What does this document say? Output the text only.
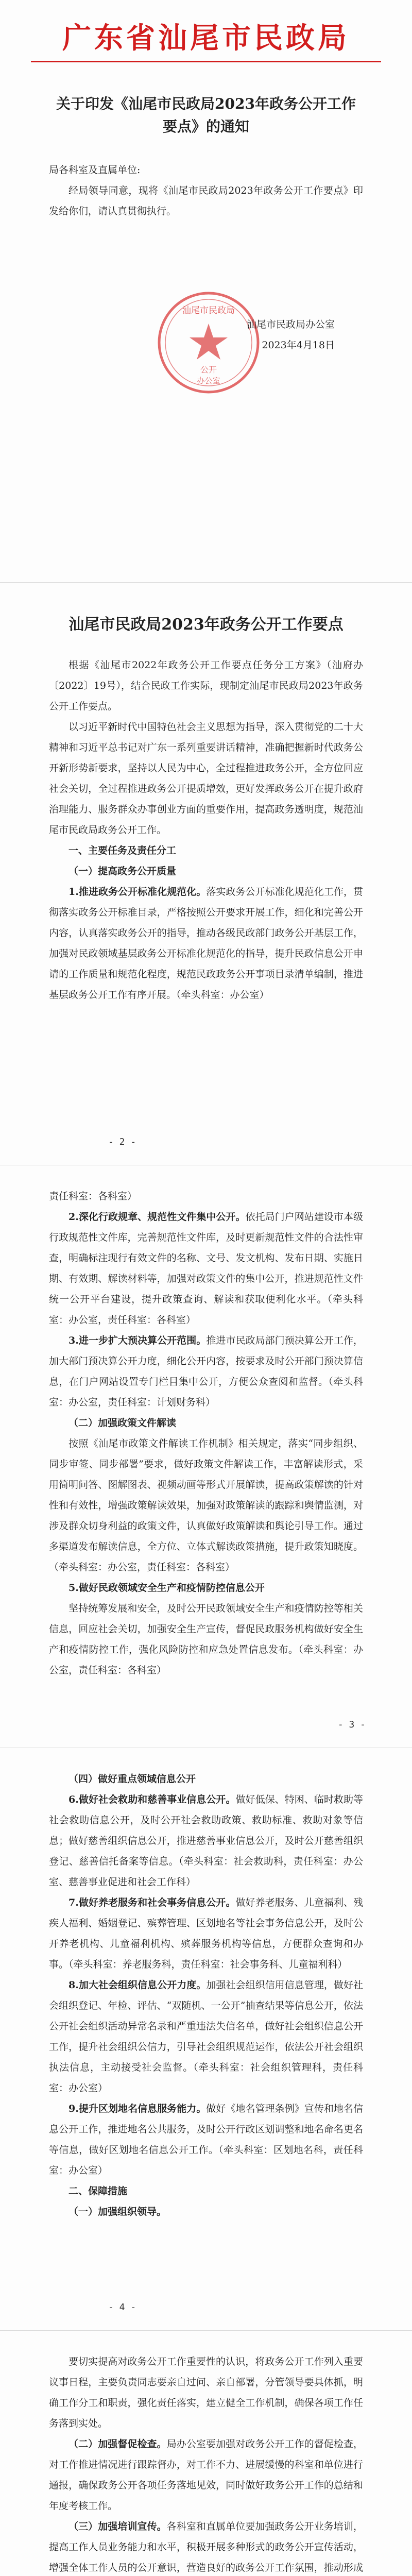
广东省汕尾市民政局
关于印发《汕尾市民政局2023年政务公开工作要点》的通知

局各科室及直属单位:

经局领导同意，现将《汕尾市民政局2023年政务公开工作要点》印发给你们，请认真贯彻执行。

汕尾市民政局
公开
办公室
汕尾市民政局办公室
2023年4月18日
汕尾市民政局2023年政务公开工作要点

根据《汕尾市2022年政务公开工作要点任务分工方案》（汕府办〔2022〕19号），结合民政工作实际，现制定汕尾市民政局2023年政务公开工作要点。

以习近平新时代中国特色社会主义思想为指导，深入贯彻党的二十大精神和习近平总书记对广东一系列重要讲话精神，准确把握新时代政务公开新形势新要求，坚持以人民为中心，全过程推进政务公开，全方位回应社会关切，全过程推进政务公开提质增效，更好发挥政务公开在提升政府治理能力、服务群众办事创业方面的重要作用，提高政务透明度，规范汕尾市民政局政务公开工作。

一、主要任务及责任分工

（一）提高政务公开质量

1.推进政务公开标准化规范化。落实政务公开标准化规范化工作，贯彻落实政务公开标准目录，严格按照公开要求开展工作，细化和完善公开内容，认真落实政务公开的指导，推动各级民政部门政务公开基层工作，加强对民政领域基层政务公开标准化规范化的指导，提升民政信息公开申请的工作质量和规范化程度，规范民政政务公开事项目录清单编制，推进基层政务公开工作有序开展。（牵头科室：办公室）

- 2 -

责任科室：各科室）

2.深化行政规章、规范性文件集中公开。依托局门户网站建设市本级行政规范性文件库，完善规范性文件库，及时更新规范性文件的合法性审查，明确标注现行有效文件的名称、文号、发文机构、发布日期、实施日期、有效期、解读材料等，加强对政策文件的集中公开，推进规范性文件统一公开平台建设，提升政策查询、解读和获取便利化水平。（牵头科室：办公室，责任科室：各科室）

3.进一步扩大预决算公开范围。推进市民政局部门预决算公开工作，加大部门预决算公开力度，细化公开内容，按要求及时公开部门预决算信息，在门户网站设置专门栏目集中公开，方便公众查阅和监督。（牵头科室：办公室，责任科室：计划财务科）

（二）加强政策文件解读

按照《汕尾市政策文件解读工作机制》相关规定，落实“同步组织、同步审签、同步部署”要求，做好政策文件解读工作，丰富解读形式，采用简明问答、图解图表、视频动画等形式开展解读，提高政策解读的针对性和有效性，增强政策解读效果，加强对政策解读的跟踪和舆情监测，对涉及群众切身利益的政策文件，认真做好政策解读和舆论引导工作。通过多渠道发布解读信息，全方位、立体式解读政策措施，提升政策知晓度。（牵头科室：办公室，责任科室：各科室）

5.做好民政领域安全生产和疫情防控信息公开

坚持统筹发展和安全，及时公开民政领域安全生产和疫情防控等相关信息，回应社会关切，加强安全生产宣传，督促民政服务机构做好安全生产和疫情防控工作，强化风险防控和应急处置信息发布。（牵头科室：办公室，责任科室：各科室）

- 3 -

（四）做好重点领域信息公开

6.做好社会救助和慈善事业信息公开。做好低保、特困、临时救助等社会救助信息公开，及时公开社会救助政策、救助标准、救助对象等信息；做好慈善组织信息公开，推进慈善事业信息公开，及时公开慈善组织登记、慈善信托备案等信息。（牵头科室：社会救助科，责任科室：办公室、慈善事业促进和社会工作科）

7.做好养老服务和社会事务信息公开。做好养老服务、儿童福利、残疾人福利、婚姻登记、殡葬管理、区划地名等社会事务信息公开，及时公开养老机构、儿童福利机构、殡葬服务机构等信息，方便群众查询和办事。（牵头科室：养老服务科，责任科室：社会事务科、儿童福利科）

8.加大社会组织信息公开力度。加强社会组织信用信息管理，做好社会组织登记、年检、评估、“双随机、一公开”抽查结果等信息公开，依法公开社会组织活动异常名录和严重违法失信名单，做好社会组织信息公开工作，提升社会组织公信力，引导社会组织规范运作，依法公开社会组织执法信息，主动接受社会监督。（牵头科室：社会组织管理科，责任科室：办公室）

9.提升区划地名信息服务能力。做好《地名管理条例》宣传和地名信息公开工作，推进地名公共服务，及时公开行政区划调整和地名命名更名等信息，做好区划地名信息公开工作。（牵头科室：区划地名科，责任科室：办公室）

二、保障措施

（一）加强组织领导。

- 4 -

要切实提高对政务公开工作重要性的认识，将政务公开工作列入重要议事日程，主要负责同志要亲自过问、亲自部署，分管领导要具体抓，明确工作分工和职责，强化责任落实，建立健全工作机制，确保各项工作任务落到实处。

（二）加强督促检查。局办公室要加强对政务公开工作的督促检查，对工作推进情况进行跟踪督办，对工作不力、进展缓慢的科室和单位进行通报，确保政务公开各项任务落地见效，同时做好政务公开工作的总结和年度考核工作。

（三）加强培训宣传。各科室和直属单位要加强政务公开业务培训，提高工作人员业务能力和水平，积极开展多种形式的政务公开宣传活动，增强全体工作人员的公开意识，营造良好的政务公开工作氛围，推动形成
